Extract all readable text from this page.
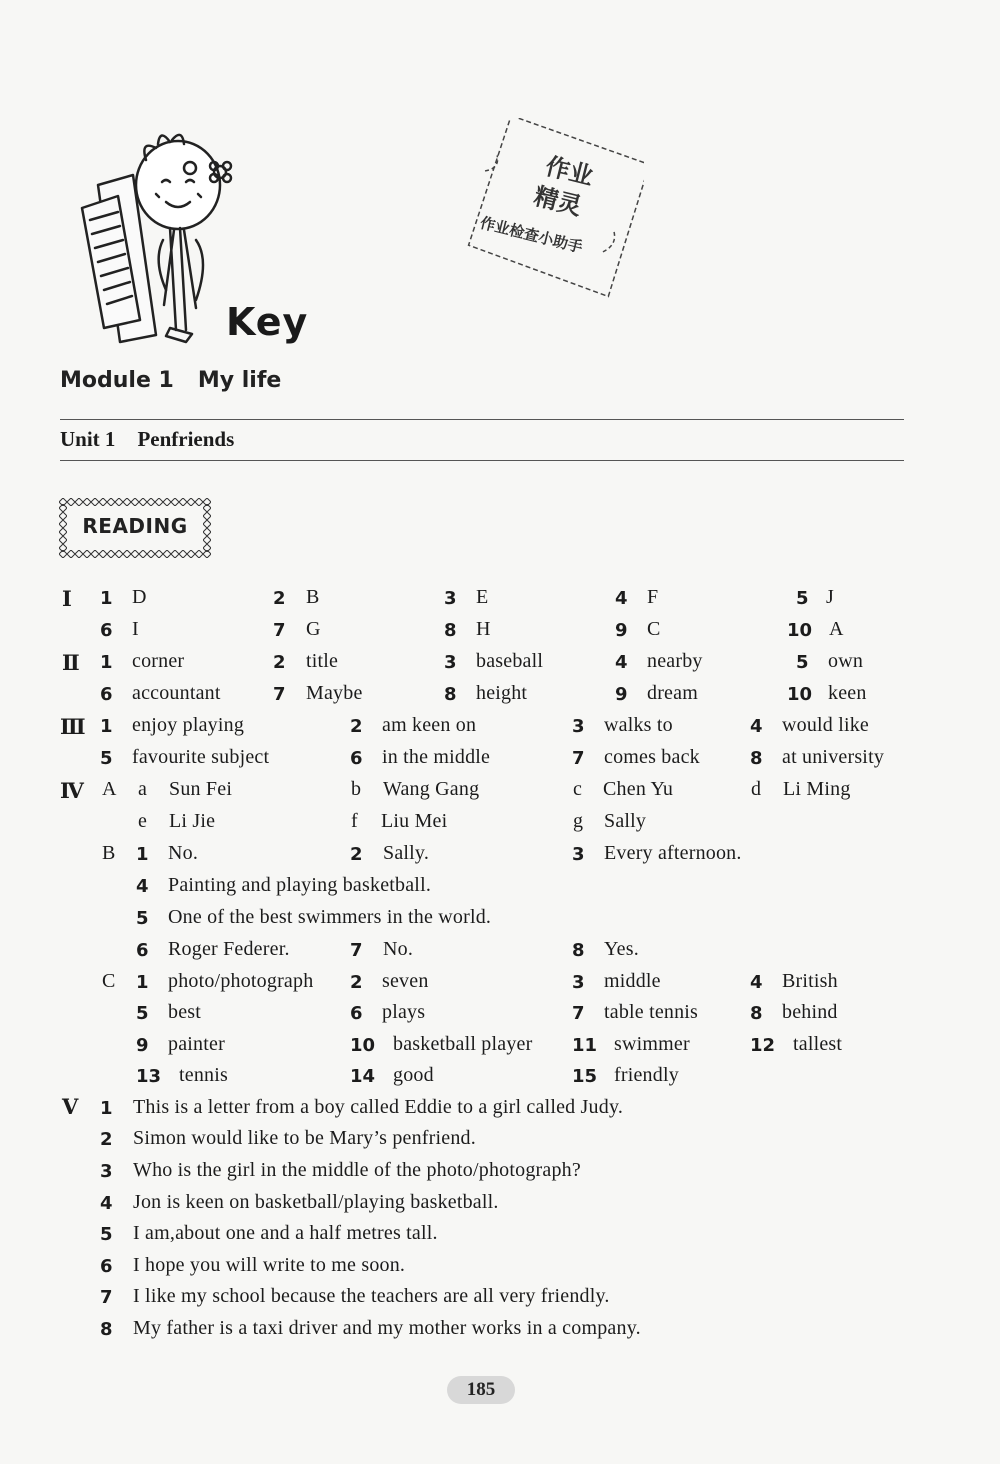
Key
作业
精灵
作业检查小助手
Module 1 My life
Unit 1 Penfriends
READING
Ⅰ 1 D	2 B	3 E	4 F	5 J
6 I	7 G	8 H	9 C	10 A
Ⅱ 1 corner	2 title	3 baseball	4 nearby	5 own
6 accountant	7 Maybe	8 height	9 dream	10 keen
Ⅲ 1 enjoy playing	2 am keen on	3 walks to	4 would like
5 favourite subject	6 in the middle	7 comes back	8 at university
Ⅳ A a Sun Fei	b Wang Gang	c Chen Yu	d Li Ming
e Li Jie	f Liu Mei	g Sally
B 1 No.	2 Sally.	3 Every afternoon.
4 Painting and playing basketball.
5 One of the best swimmers in the world.
6 Roger Federer.	7 No.	8 Yes.
C 1 photo/photograph 2 seven	3 middle	4 British
5 best	6 plays	7 table tennis	8 behind
9 painter	10 basketball player 11 swimmer	12 tallest
13 tennis	14 good	15 friendly
Ⅴ 1 This is a letter from a boy called Eddie to a girl called Judy.
2 Simon would like to be Mary’s penfriend.
3 Who is the girl in the middle of the photo/photograph?
4 Jon is keen on basketball/playing basketball.
5 I am,about one and a half metres tall.
6 I hope you will write to me soon.
7 I like my school because the teachers are all very friendly.
8 My father is a taxi driver and my mother works in a company.
185
